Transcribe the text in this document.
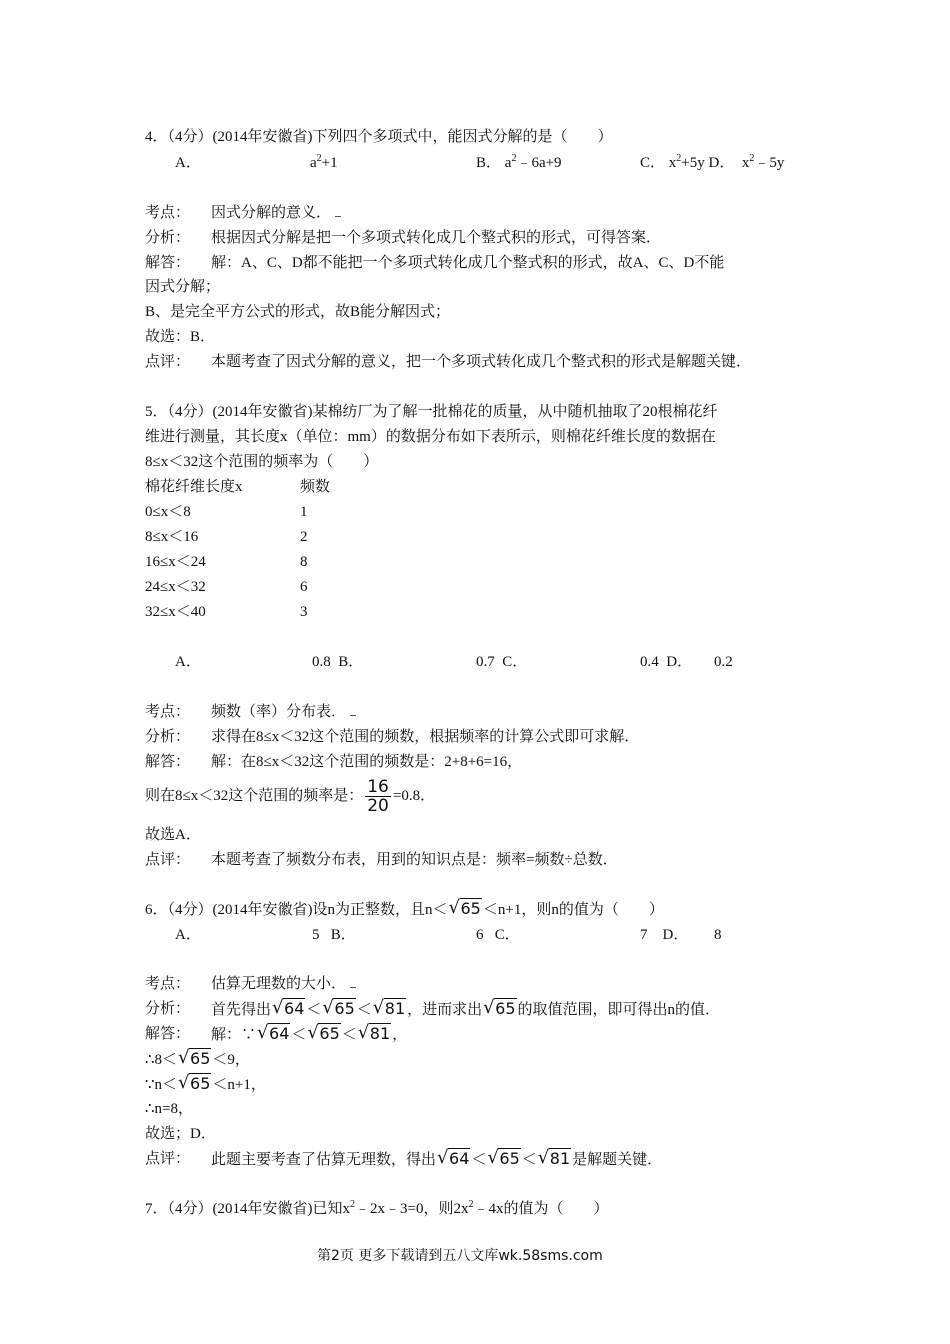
4．（4分）(2014年安徽省)下列四个多项式中，能因式分解的是（　　）
A．	$a^2+1$	B． $a^2﹣6a+9$	C． $x^2+5y$ D． $x^2﹣5y$
考点： 因式分解的意义．
分析： 根据因式分解是把一个多项式转化成几个整式积的形式，可得答案．
解答： 解：A、C、D都不能把一个多项式转化成几个整式积的形式，故A、C、D不能
因式分解；
B、是完全平方公式的形式，故B能分解因式；
故选：B．
点评： 本题考查了因式分解的意义，把一个多项式转化成几个整式积的形式是解题关键．
5．（4分）(2014年安徽省)某棉纺厂为了解一批棉花的质量，从中随机抽取了20根棉花纤
维进行测量，其长度x（单位：mm）的数据分布如下表所示，则棉花纤维长度的数据在
8≤x＜32这个范围的频率为（　　）
棉花纤维长度x	频数
0≤x＜8	1
8≤x＜16	2
16≤x＜24	8
24≤x＜32	6
32≤x＜40	3
A．	0.8 B．	0.7 C．	0.4 D． 0.2
考点： 频数（率）分布表．
分析： 求得在8≤x＜32这个范围的频数，根据频率的计算公式即可求解．
解答： 解：在8≤x＜32这个范围的频数是：2+8+6=16，
则在8≤x＜32这个范围的频率是： $\frac{16}{20} =0.8$．
故选A．
点评： 本题考查了频数分布表，用到的知识点是：频率=频数÷总数．
6．（4分）(2014年安徽省)设n为正整数，且n＜ √ 65 ＜n+1，则n的值为（　　）
A．	5 B．	6 C．	7 D． 8
考点： 估算无理数的大小．
分析： 首先得出 √ 64 ＜ √ 65 ＜ √ 81 ，进而求出 √ 65 的取值范围，即可得出n的值．
解答： 解：∵ √ 64 ＜ √ 65 ＜ √ 81 ，
∴8＜ √ 65 ＜9，
∵n＜ √ 65 ＜n+1，
∴n=8，
故选；D．
点评： 此题主要考查了估算无理数，得出 √ 64 ＜ √ 65 ＜ √ 81 是解题关键．
7．（4分）(2014年安徽省)已知$x^2﹣2x﹣3=0$，则$2x^2﹣4x$的值为（　　）
第2页 更多下载请到五八文库wk.58sms.com
